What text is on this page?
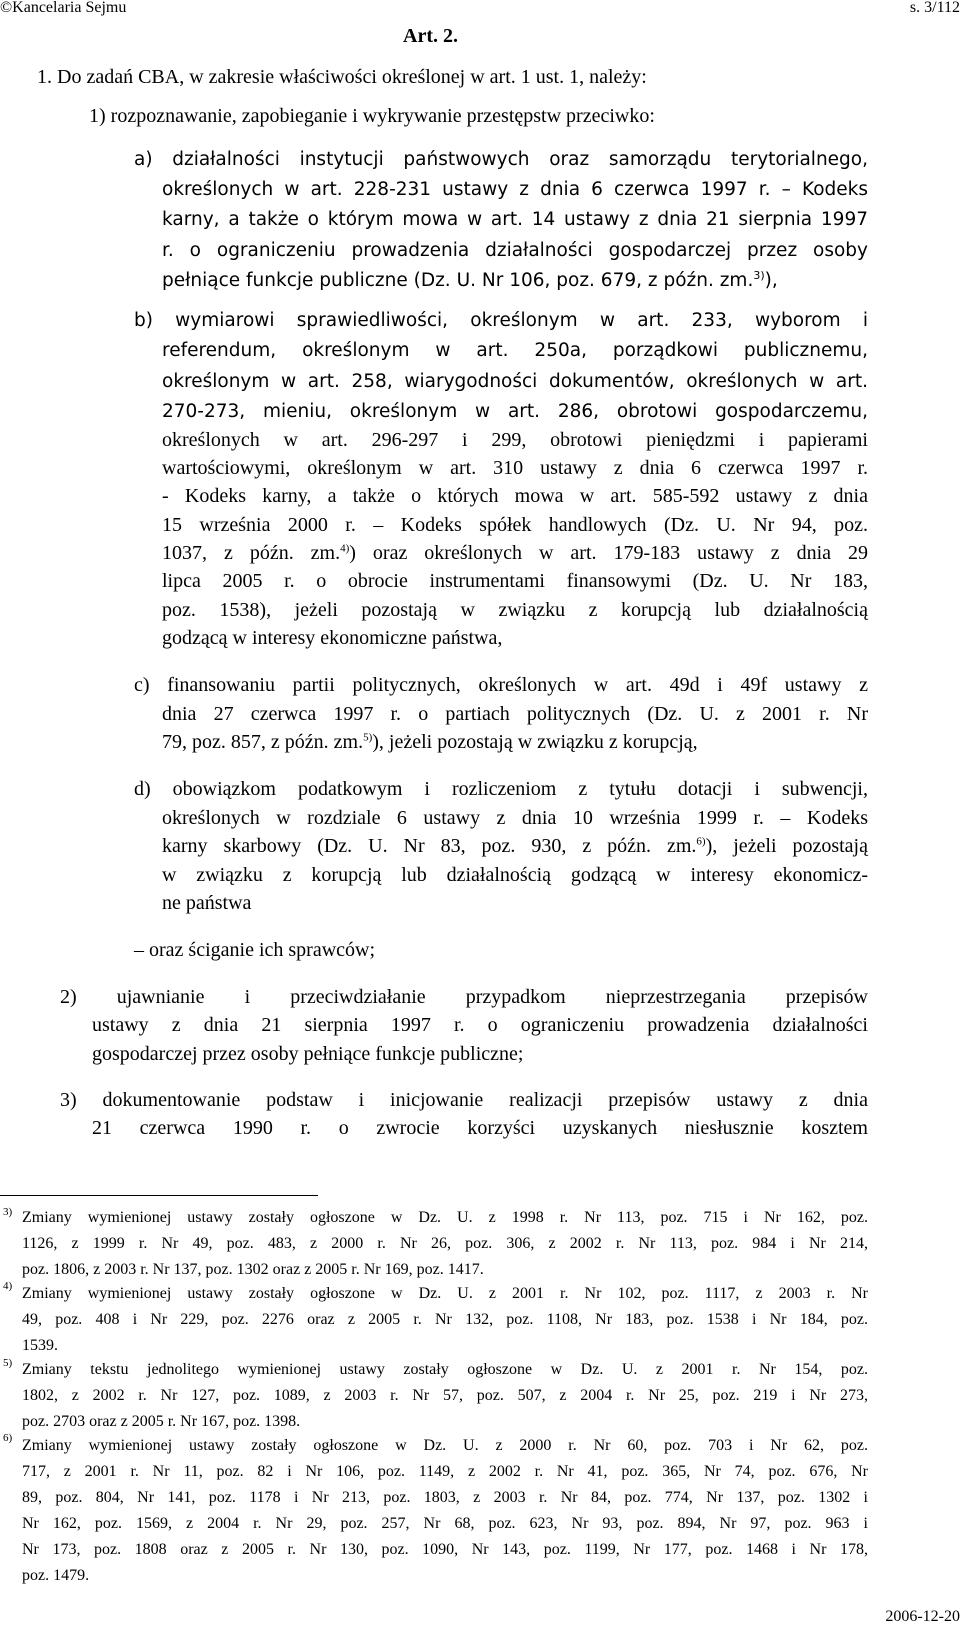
©Kancelaria Sejmu	s. 3/112
Art. 2.
1. Do zadań CBA, w zakresie właściwości określonej w art. 1 ust. 1, należy:
1) rozpoznawanie, zapobieganie i wykrywanie przestępstw przeciwko:
a) działalności instytucji państwowych oraz samorządu terytorialnego,
określonych w art. 228-231 ustawy z dnia 6 czerwca 1997 r. – Kodeks
karny, a także o którym mowa w art. 14 ustawy z dnia 21 sierpnia 1997
r. o ograniczeniu prowadzenia działalności gospodarczej przez osoby
pełniące funkcje publiczne (Dz. U. Nr 106, poz. 679, z późn. zm.$^{3)}$),
b) wymiarowi sprawiedliwości, określonym w art. 233, wyborom i
referendum, określonym w art. 250a, porządkowi publicznemu,
określonym w art. 258, wiarygodności dokumentów, określonych w art.
270-273, mieniu, określonym w art. 286, obrotowi gospodarczemu,
określonych w art. 296-297 i 299, obrotowi pieniędzmi i papierami
wartościowymi, określonym w art. 310 ustawy z dnia 6 czerwca 1997 r.
- Kodeks karny, a także o których mowa w art. 585-592 ustawy z dnia
15 września 2000 r. – Kodeks spółek handlowych (Dz. U. Nr 94, poz.
1037, z późn. zm.$^{4)}$) oraz określonych w art. 179-183 ustawy z dnia 29
lipca 2005 r. o obrocie instrumentami finansowymi (Dz. U. Nr 183,
poz. 1538), jeżeli pozostają w związku z korupcją lub działalnością
godzącą w interesy ekonomiczne państwa,
c) finansowaniu partii politycznych, określonych w art. 49d i 49f ustawy z
dnia 27 czerwca 1997 r. o partiach politycznych (Dz. U. z 2001 r. Nr
79, poz. 857, z późn. zm.$^{5)}$), jeżeli pozostają w związku z korupcją,
d) obowiązkom podatkowym i rozliczeniom z tytułu dotacji i subwencji,
określonych w rozdziale 6 ustawy z dnia 10 września 1999 r. – Kodeks
karny skarbowy (Dz. U. Nr 83, poz. 930, z późn. zm.$^{6)}$), jeżeli pozostają
w związku z korupcją lub działalnością godzącą w interesy ekonomicz-
ne państwa
– oraz ściganie ich sprawców;
2) ujawnianie i przeciwdziałanie przypadkom nieprzestrzegania przepisów
ustawy z dnia 21 sierpnia 1997 r. o ograniczeniu prowadzenia działalności
gospodarczej przez osoby pełniące funkcje publiczne;
3) dokumentowanie podstaw i inicjowanie realizacji przepisów ustawy z dnia
21 czerwca 1990 r. o zwrocie korzyści uzyskanych niesłusznie kosztem
3) Zmiany wymienionej ustawy zostały ogłoszone w Dz. U. z 1998 r. Nr 113, poz. 715 i Nr 162, poz.
1126, z 1999 r. Nr 49, poz. 483, z 2000 r. Nr 26, poz. 306, z 2002 r. Nr 113, poz. 984 i Nr 214,
poz. 1806, z 2003 r. Nr 137, poz. 1302 oraz z 2005 r. Nr 169, poz. 1417.
4) Zmiany wymienionej ustawy zostały ogłoszone w Dz. U. z 2001 r. Nr 102, poz. 1117, z 2003 r. Nr
49, poz. 408 i Nr 229, poz. 2276 oraz z 2005 r. Nr 132, poz. 1108, Nr 183, poz. 1538 i Nr 184, poz.
1539.
5) Zmiany tekstu jednolitego wymienionej ustawy zostały ogłoszone w Dz. U. z 2001 r. Nr 154, poz.
1802, z 2002 r. Nr 127, poz. 1089, z 2003 r. Nr 57, poz. 507, z 2004 r. Nr 25, poz. 219 i Nr 273,
poz. 2703 oraz z 2005 r. Nr 167, poz. 1398.
6) Zmiany wymienionej ustawy zostały ogłoszone w Dz. U. z 2000 r. Nr 60, poz. 703 i Nr 62, poz.
717, z 2001 r. Nr 11, poz. 82 i Nr 106, poz. 1149, z 2002 r. Nr 41, poz. 365, Nr 74, poz. 676, Nr
89, poz. 804, Nr 141, poz. 1178 i Nr 213, poz. 1803, z 2003 r. Nr 84, poz. 774, Nr 137, poz. 1302 i
Nr 162, poz. 1569, z 2004 r. Nr 29, poz. 257, Nr 68, poz. 623, Nr 93, poz. 894, Nr 97, poz. 963 i
Nr 173, poz. 1808 oraz z 2005 r. Nr 130, poz. 1090, Nr 143, poz. 1199, Nr 177, poz. 1468 i Nr 178,
poz. 1479.
2006-12-20
